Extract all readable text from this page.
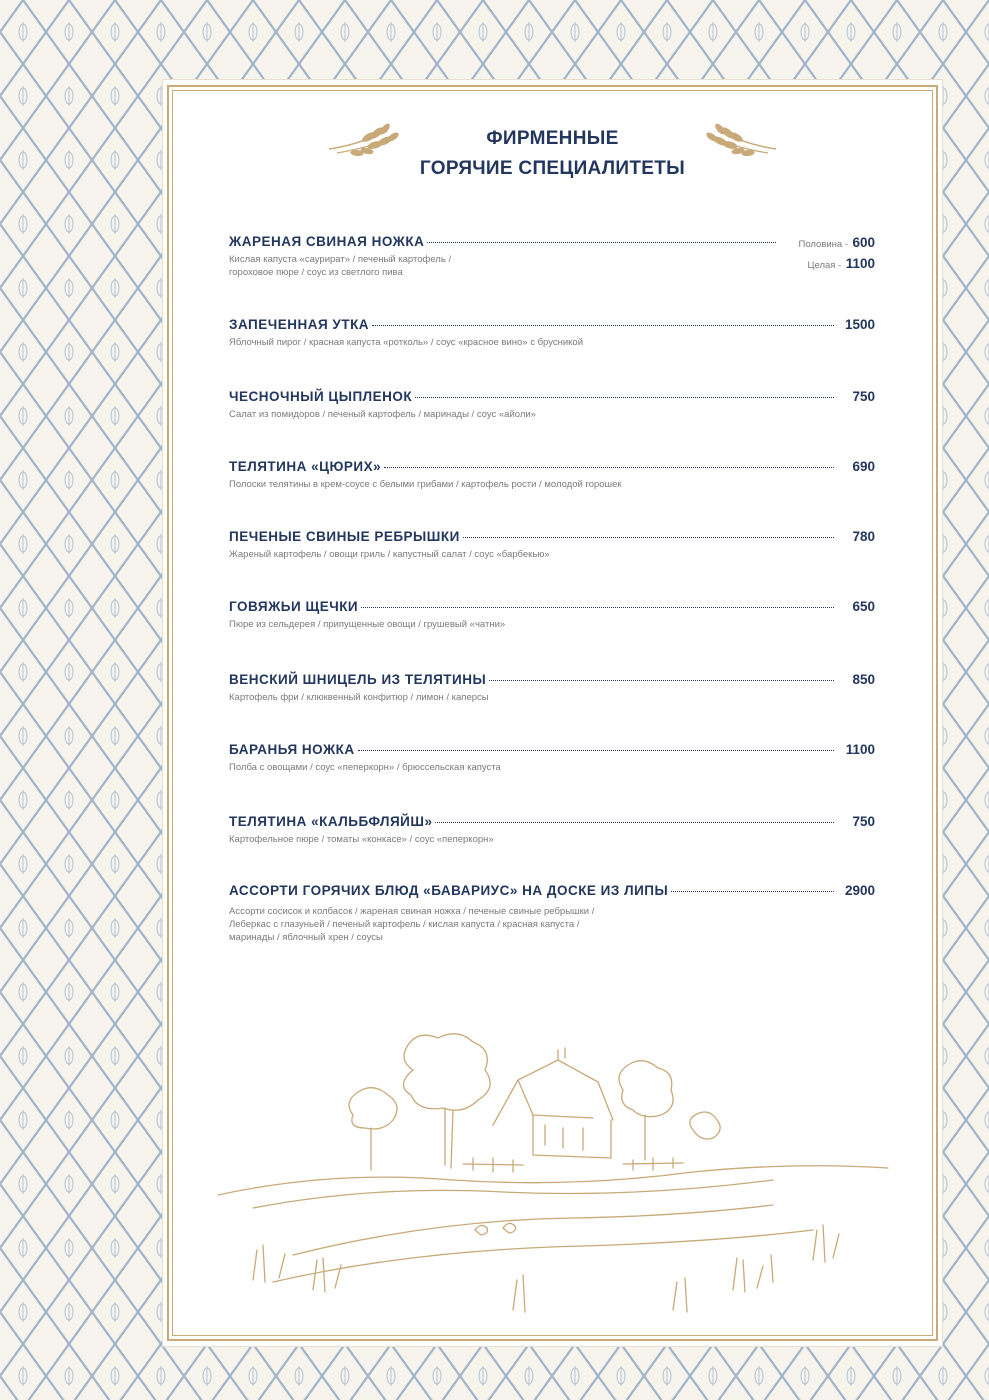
ФИРМЕННЫЕ
ГОРЯЧИЕ СПЕЦИАЛИТЕТЫ
ЖАРЕНАЯ СВИНАЯ НОЖКА
Кислая капуста «саурират» / печеный картофель /
гороховое пюре / соус из светлого пива
Половина - 600
Целая - 1100
ЗАПЕЧЕННАЯ УТКА	1500
Яблочный пирог / красная капуста «ротколь» / соус «красное вино» с брусникой
ЧЕСНОЧНЫЙ ЦЫПЛЕНОК	750
Салат из помидоров / печеный картофель / маринады / соус «айоли»
ТЕЛЯТИНА «ЦЮРИХ»	690
Полоски телятины в крем-соусе с белыми грибами / картофель рости / молодой горошек
ПЕЧЕНЫЕ СВИНЫЕ РЕБРЫШКИ	780
Жареный картофель / овощи гриль / капустный салат / соус «барбекью»
ГОВЯЖЬИ ЩЕЧКИ	650
Пюре из сельдерея / припущенные овощи / грушевый «чатни»
ВЕНСКИЙ ШНИЦЕЛЬ ИЗ ТЕЛЯТИНЫ	850
Картофель фри / клюквенный конфитюр / лимон / каперсы
БАРАНЬЯ НОЖКА	1100
Полба с овощами / соус «пеперкорн» / брюссельская капуста
ТЕЛЯТИНА «КАЛЬБФЛЯЙШ»	750
Картофельное пюре / томаты «конкасе» / соус «пеперкорн»
АССОРТИ ГОРЯЧИХ БЛЮД «БАВАРИУС» НА ДОСКЕ ИЗ ЛИПЫ	2900
Ассорти сосисок и колбасок / жареная свиная ножка / печеные свиные ребрышки /
Леберкас с глазуньей / печеный картофель / кислая капуста / красная капуста /
маринады / яблочный хрен / соусы
